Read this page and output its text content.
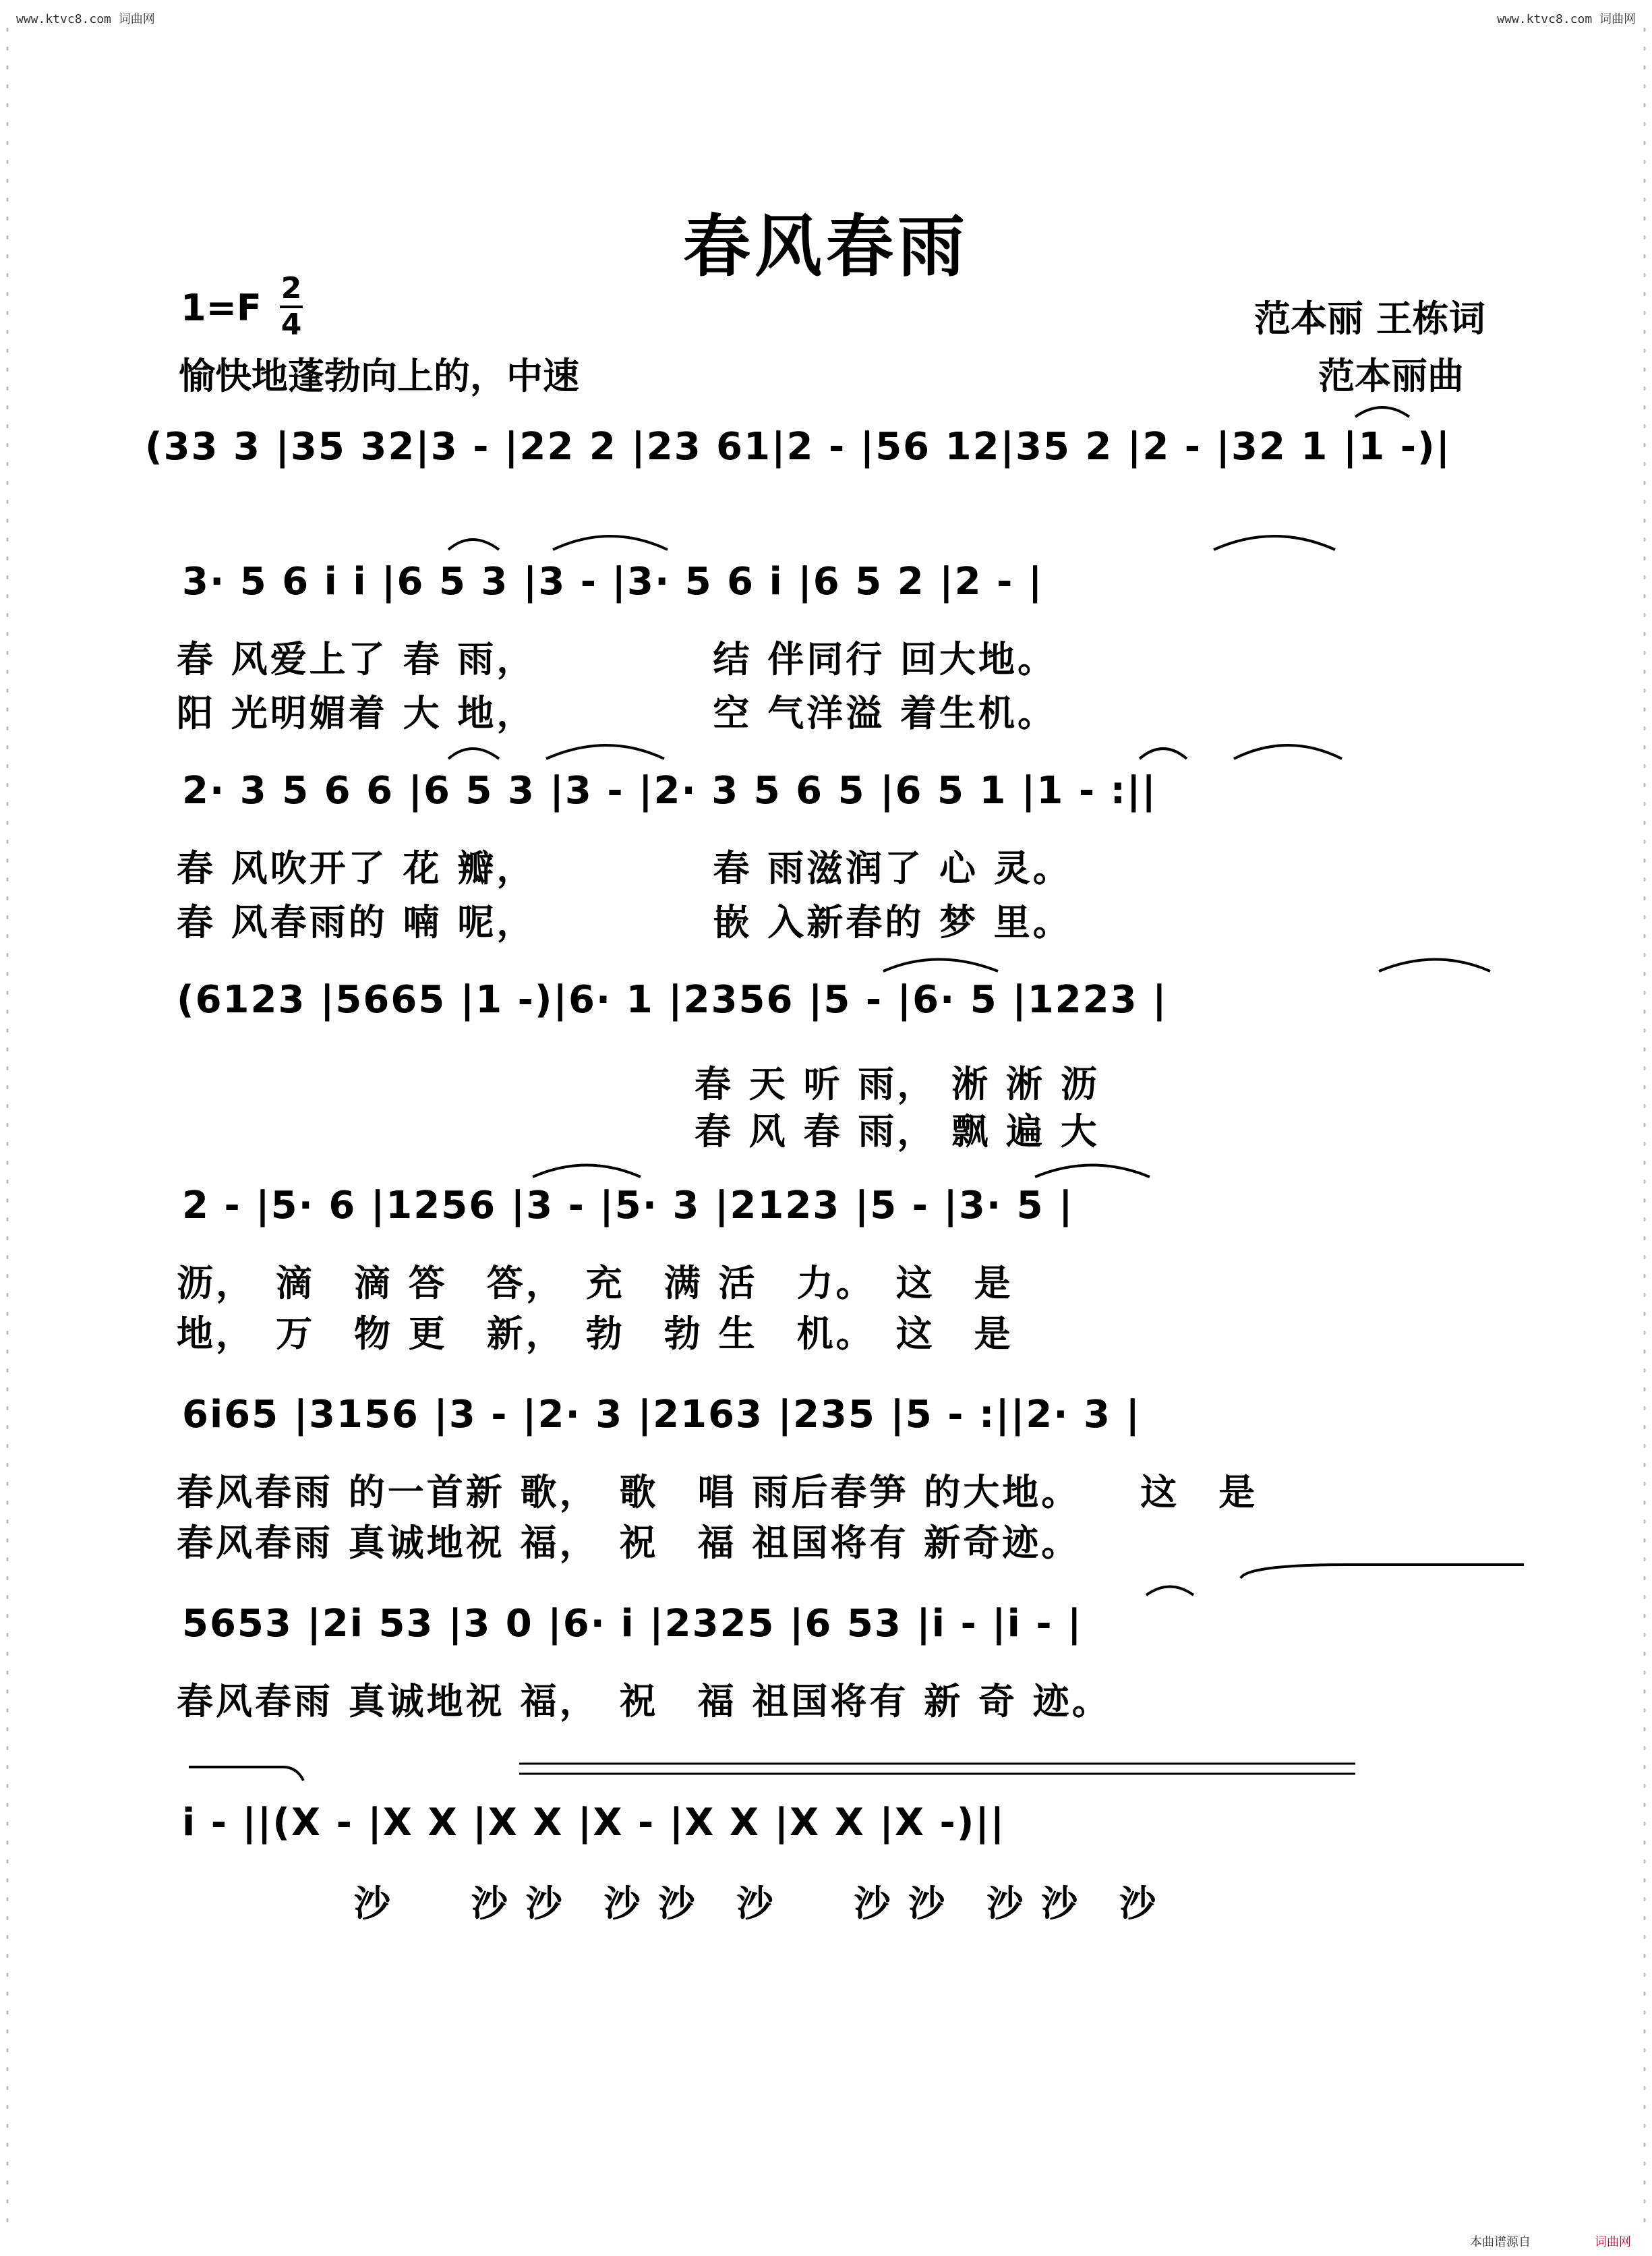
www.ktvc8.com 词曲网	www.ktvc8.com 词曲网
春风春雨
1=F 2
4
愉快地蓬勃向上的，中速
范本丽 王栋词
范本丽曲
(33 3 |35 32|3 - |22 2 |23 61|2 - |56 12|35 2 |2 - |32 1 |1 -)|
3· 5 6 i i |6 5 3 |3 - |3· 5 6 i |6 5 2 |2 - |
春 风爱上了 春 雨，　　　　　结 伴同行 回大地。
阳 光明媚着 大 地，　　　　　空 气洋溢 着生机。
2· 3 5 6 6 |6 5 3 |3 - |2· 3 5 6 5 |6 5 1 |1 - :||
春 风吹开了 花 瓣，　　　　　春 雨滋润了 心 灵。
春 风春雨的 喃 呢，　　　　　嵌 入新春的 梦 里。
(6123 |5665 |1 -)|6· 1 |2356 |5 - |6· 5 |1223 |
春 天 听 雨， 淅 淅 沥
春 风 春 雨， 飘 遍 大
2 - |5· 6 |1256 |3 - |5· 3 |2123 |5 - |3· 5 |
沥，　滴　滴 答　答，　充　满 活　力。　这　是
地，　万　物 更　新，　勃　勃 生　机。　这　是
6i65 |3156 |3 - |2· 3 |2163 |235 |5 - :||2· 3 |
春风春雨 的一首新 歌，　歌　唱 雨后春笋 的大地。　　这　是
春风春雨 真诚地祝 福，　祝　福 祖国将有 新奇迹。
5653 |2i 53 |3 0 |6· i |2325 |6 53 |i - |i - |
春风春雨 真诚地祝 福，　祝　福 祖国将有 新 奇 迹。
i - ||(X - |X X |X X |X - |X X |X X |X -)||
沙　　沙 沙　沙 沙　沙　　沙 沙　沙 沙　沙
本曲谱源自	词曲网
